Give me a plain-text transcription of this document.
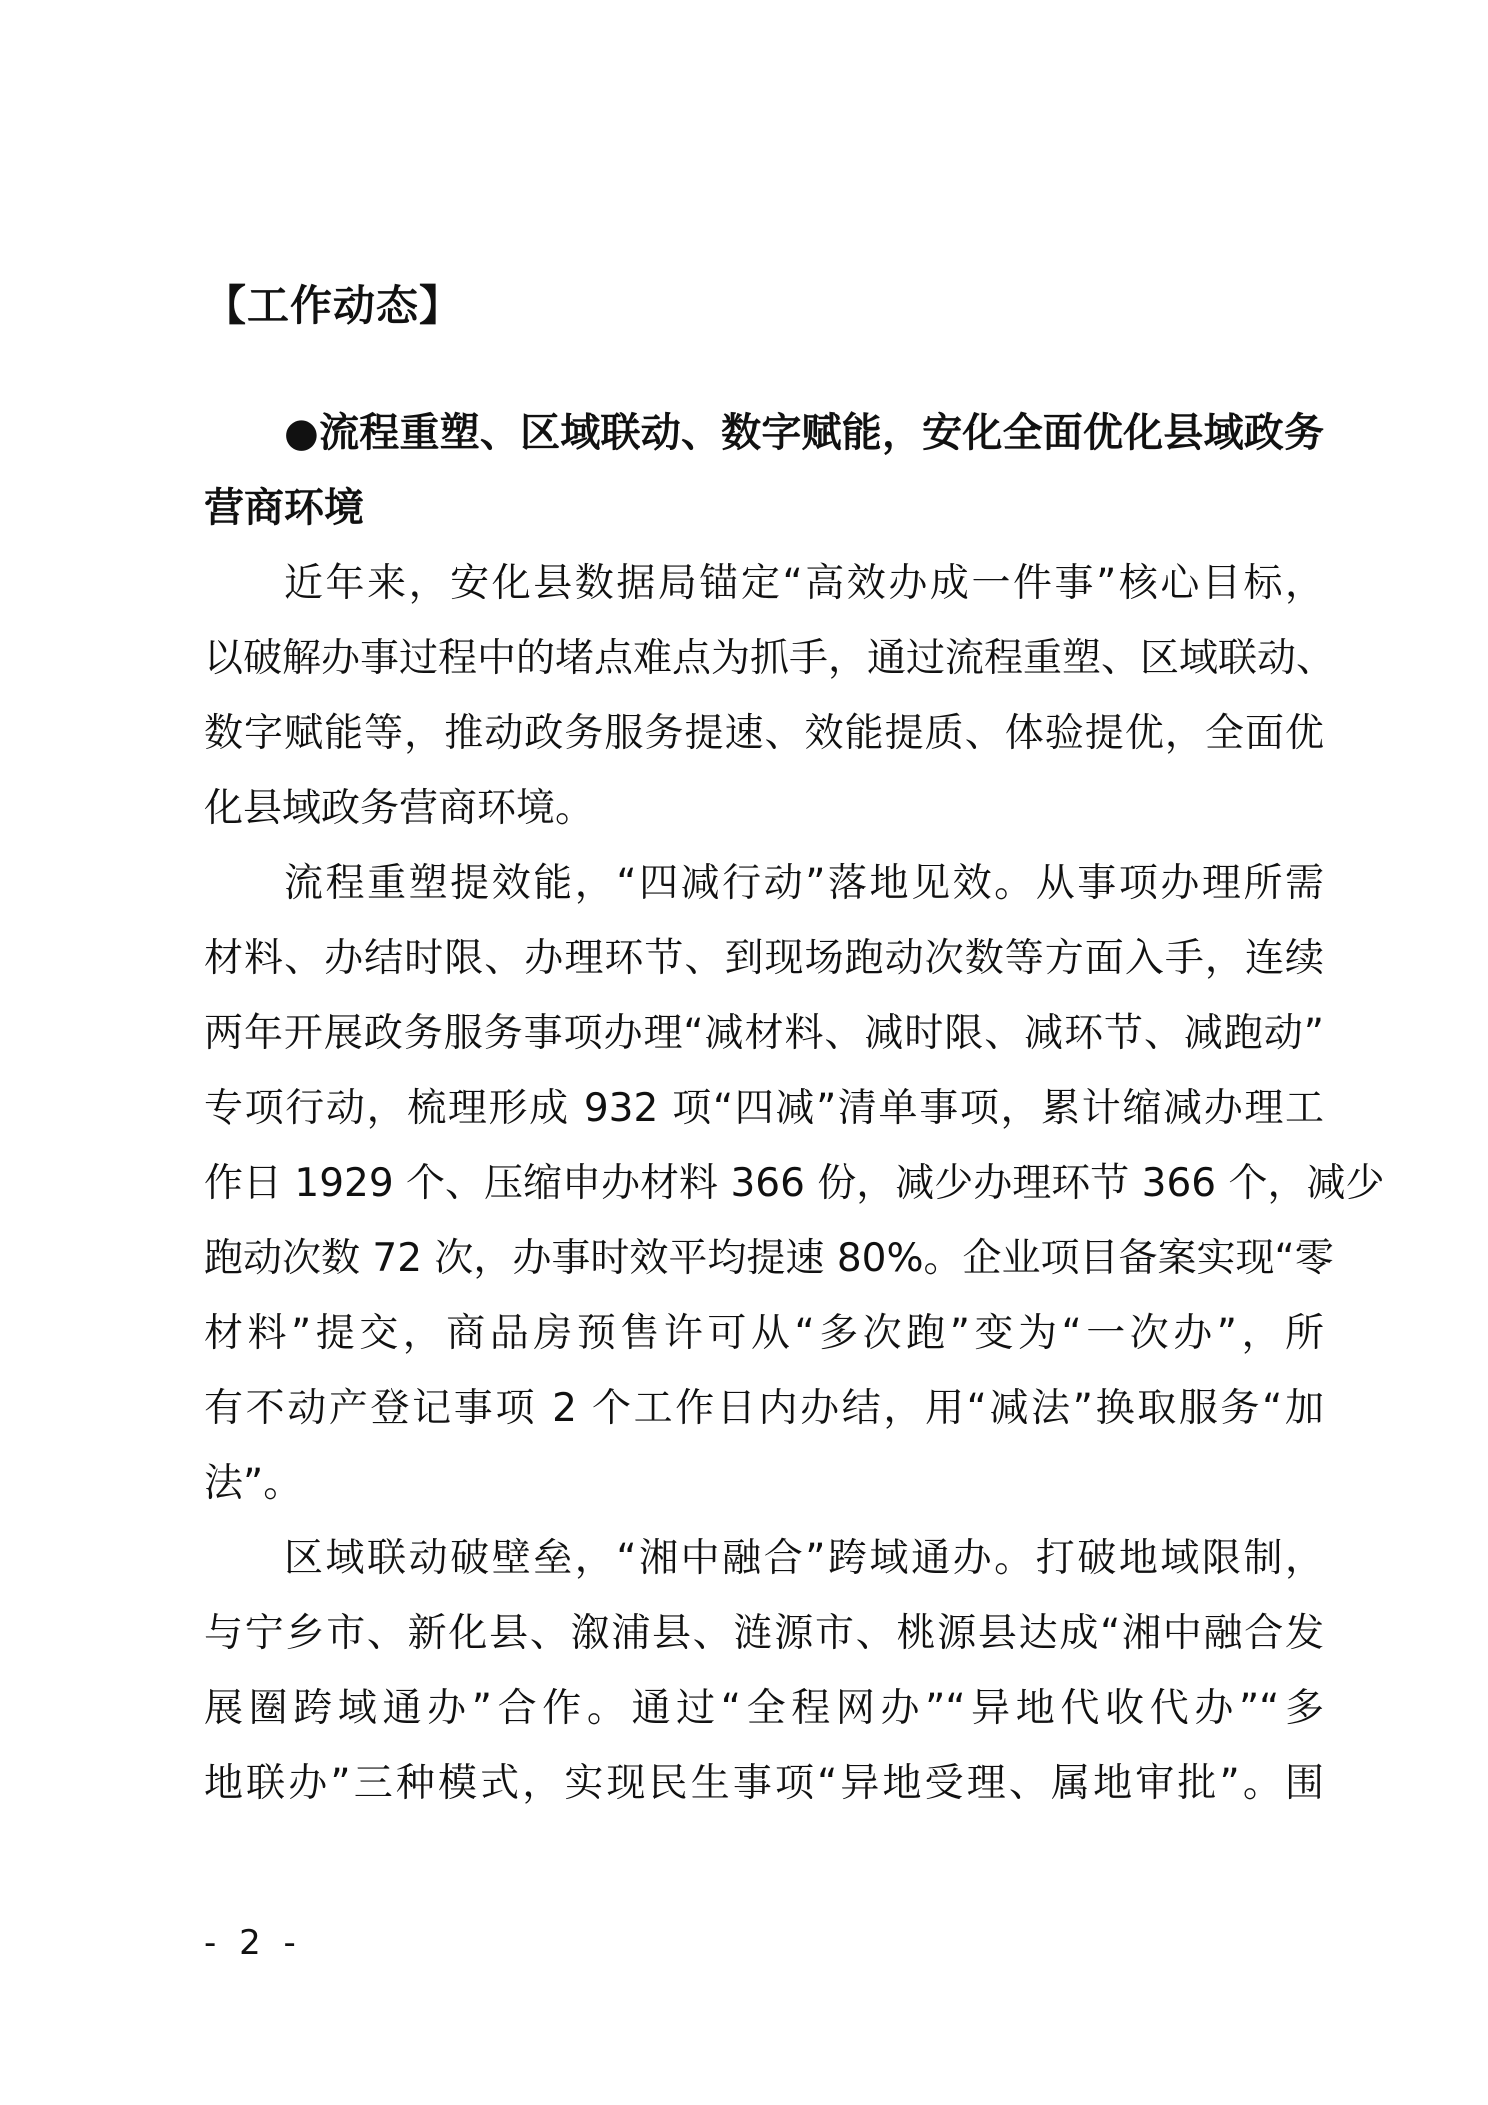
【工作动态】
●流程重塑、区域联动、数字赋能，安化全面优化县域政务
营商环境
近年来，安化县数据局锚定“高效办成一件事”核心目标，
以破解办事过程中的堵点难点为抓手，通过流程重塑、区域联动、
数字赋能等，推动政务服务提速、效能提质、体验提优，全面优
化县域政务营商环境。
流程重塑提效能，“四减行动”落地见效。从事项办理所需
材料、办结时限、办理环节、到现场跑动次数等方面入手，连续
两年开展政务服务事项办理“减材料、减时限、减环节、减跑动”
专项行动，梳理形成 932 项“四减”清单事项，累计缩减办理工
作日 1929 个、压缩申办材料 366 份，减少办理环节 366 个，减少
跑动次数 72 次，办事时效平均提速 80%。企业项目备案实现“零
材料”提交，商品房预售许可从“多次跑”变为“一次办”，所
有不动产登记事项 2 个工作日内办结，用“减法”换取服务“加
法”。
区域联动破壁垒，“湘中融合”跨域通办。打破地域限制，
与宁乡市、新化县、溆浦县、涟源市、桃源县达成“湘中融合发
展圈跨域通办”合作。通过“全程网办”“异地代收代办”“多
地联办”三种模式，实现民生事项“异地受理、属地审批”。围
- 2 -
